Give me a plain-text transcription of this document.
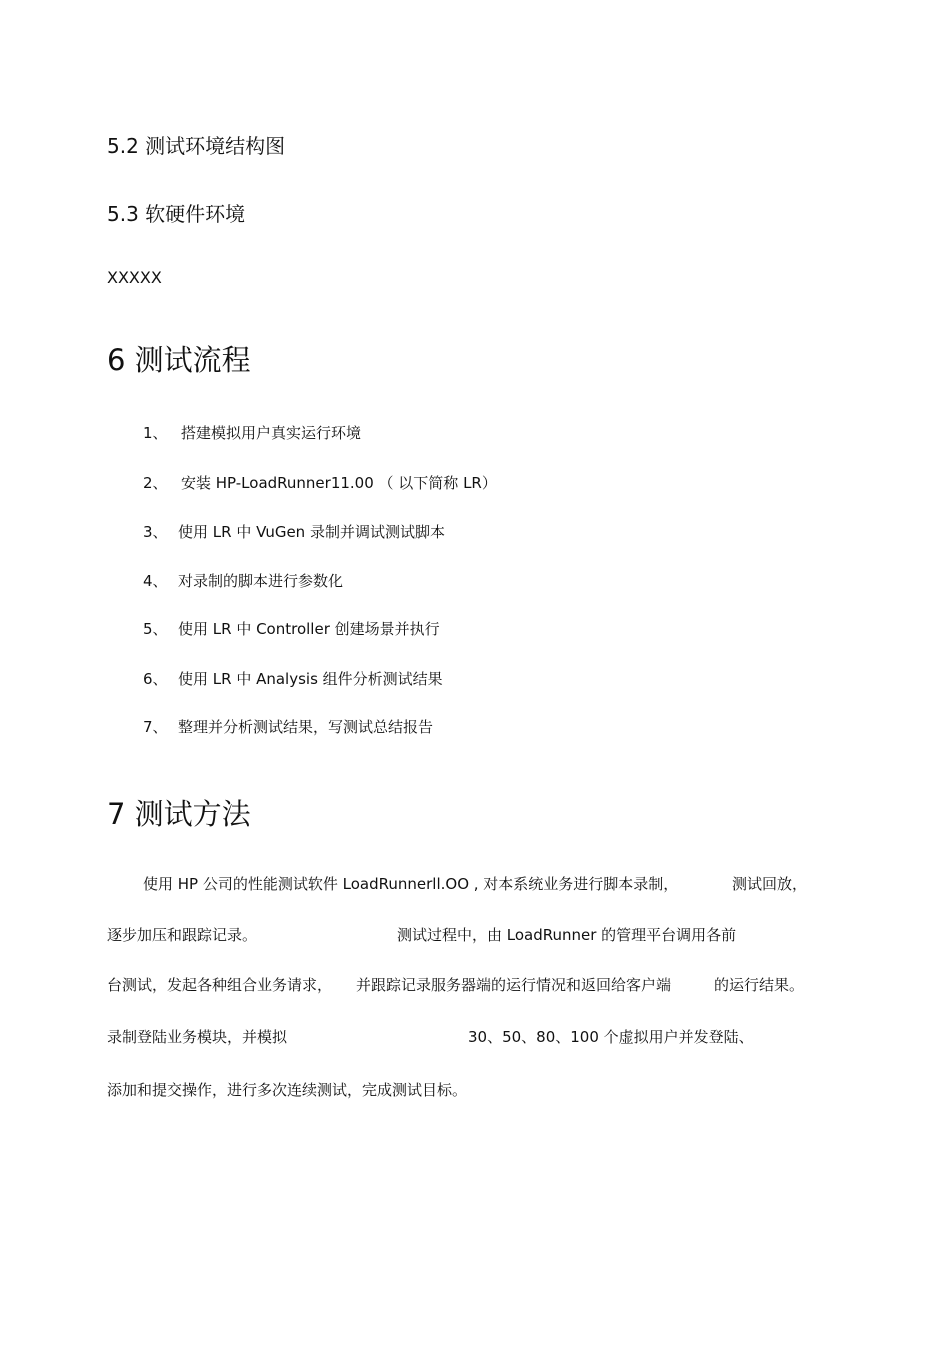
5.2 测试环境结构图
5.3 软硬件环境
XXXXX
6 测试流程
1、 搭建模拟用户真实运行环境
2、 安装 HP-LoadRunner11.00 （ 以下简称 LR）
3、 使用 LR 中 VuGen 录制并调试测试脚本
4、 对录制的脚本进行参数化
5、 使用 LR 中 Controller 创建场景并执行
6、 使用 LR 中 Analysis 组件分析测试结果
7、 整理并分析测试结果，写测试总结报告
7 测试方法
使用 HP 公司的性能测试软件 LoadRunnerll.OO , 对本系统业务进行脚本录制，	测试回放，
逐步加压和跟踪记录。	测试过程中，由 LoadRunner 的管理平台调用各前
台测试，发起各种组合业务请求， 并跟踪记录服务器端的运行情况和返回给客户端	的运行结果。
录制登陆业务模块，并模拟	30、50、80、100 个虚拟用户并发登陆、
添加和提交操作，进行多次连续测试，完成测试目标。
